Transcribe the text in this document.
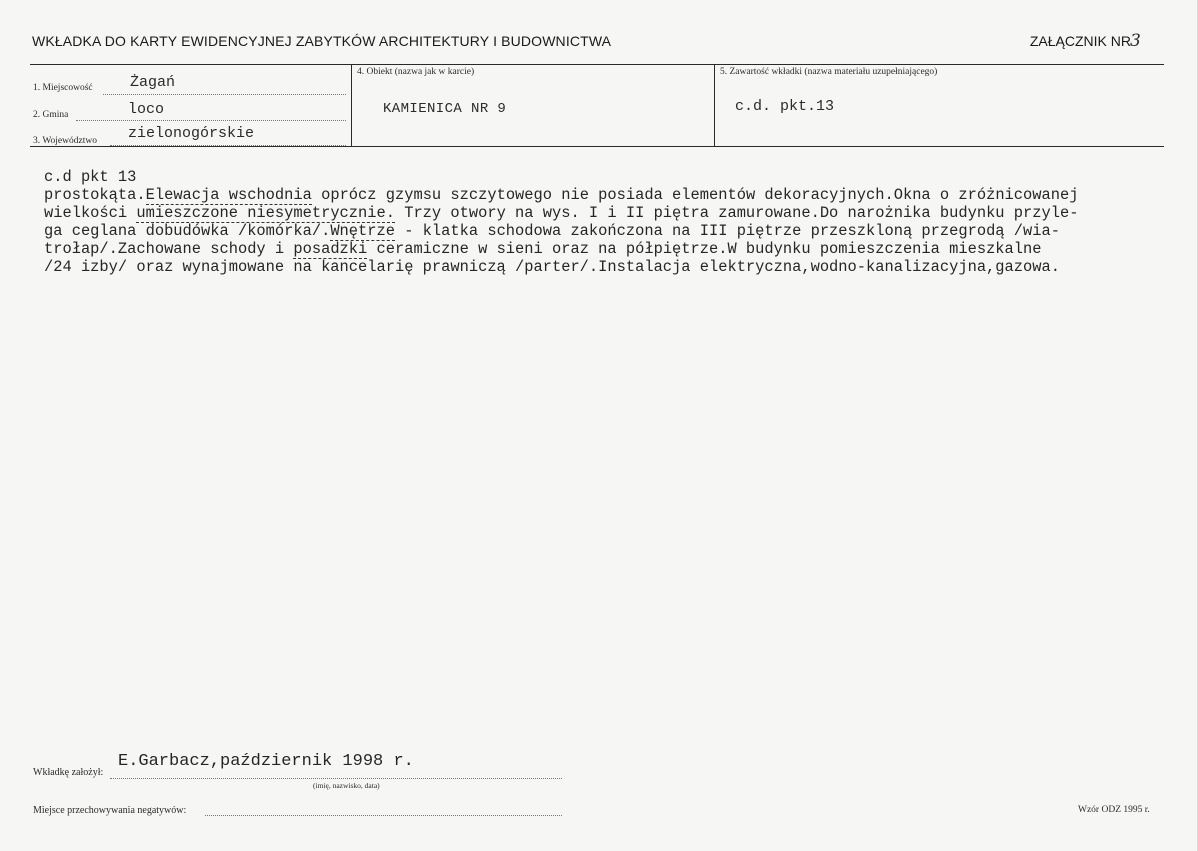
WKŁADKA DO KARTY EWIDENCYJNEJ ZABYTKÓW ARCHITEKTURY I BUDOWNICTWA	ZAŁĄCZNIK NR 3
1. Miejscowość Żagań
2. Gmina	loco
3. Województwo zielonogórskie
4. Obiekt (nazwa jak w karcie)
KAMIENICA NR 9
5. Zawartość wkładki (nazwa materiału uzupełniającego)
c.d. pkt.13
c.d pkt 13
prostokąta.Elewacja wschodnia oprócz gzymsu szczytowego nie posiada elementów dekoracyjnych.Okna o zróżnicowanej
wielkości umieszczone niesymetrycznie. Trzy otwory na wys. I i II piętra zamurowane.Do narożnika budynku przyle-
ga ceglana dobudówka /komórka/.Wnętrze - klatka schodowa zakończona na III piętrze przeszkloną przegrodą /wia-
trołap/.Zachowane schody i posadzki ceramiczne w sieni oraz na półpiętrze.W budynku pomieszczenia mieszkalne
/24 izby/ oraz wynajmowane na kancelarię prawniczą /parter/.Instalacja elektryczna,wodno-kanalizacyjna,gazowa.
Wkładkę założył:
E.Garbacz,październik 1998 r.
(imię, nazwisko, data)
Miejsce przechowywania negatywów:	Wzór ODZ 1995 r.
